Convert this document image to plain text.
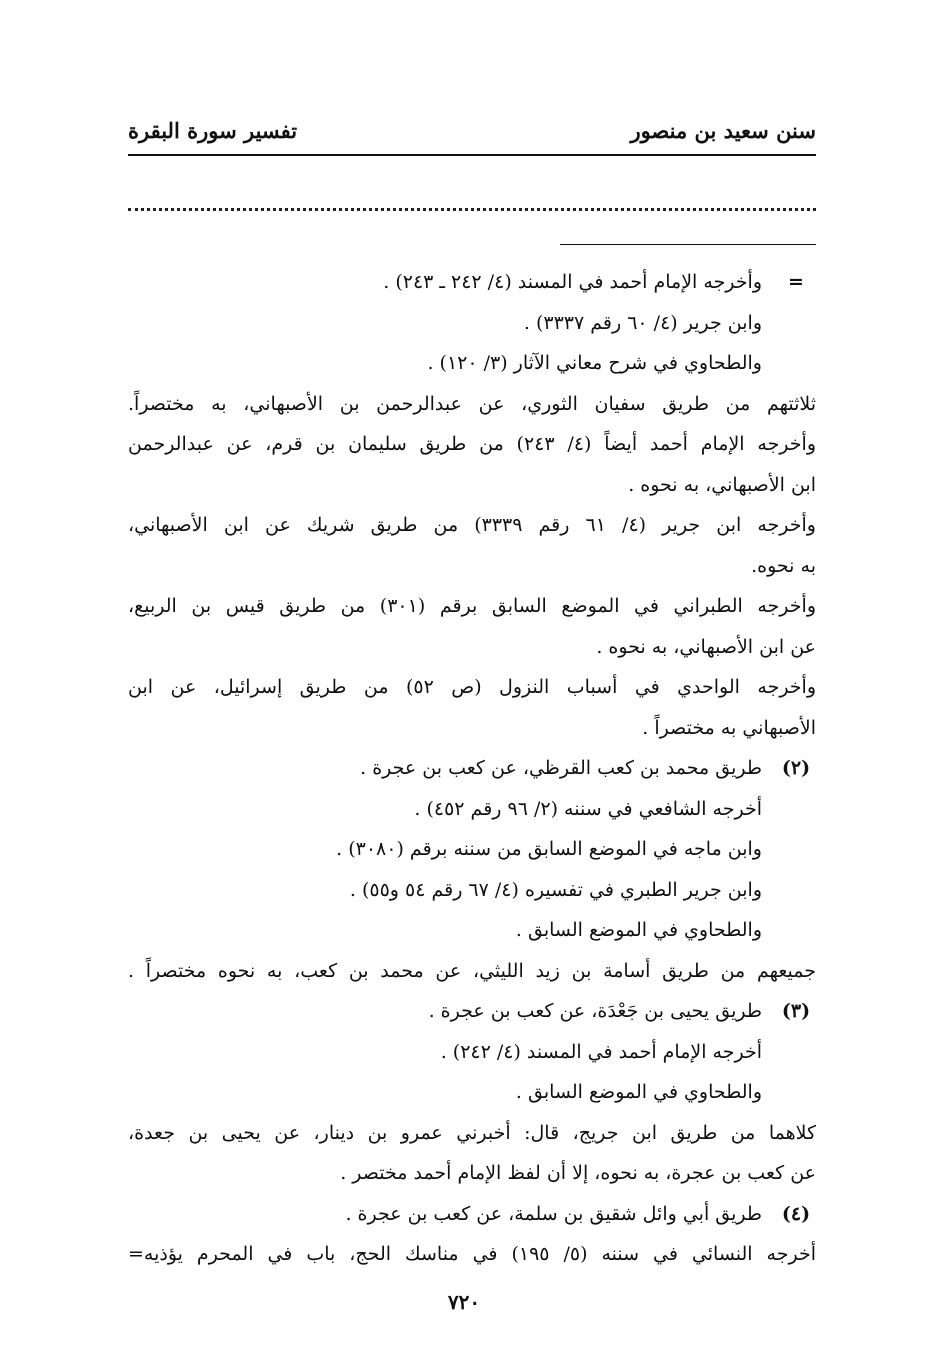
سنن سعيد بن منصور
تفسير سورة البقرة
=
وأخرجه الإمام أحمد في المسند (٤/ ٢٤٢ ـ ٢٤٣) .
وابن جرير (٤/ ٦٠ رقم ٣٣٣٧) .
والطحاوي في شرح معاني الآثار (٣/ ١٢٠) .
ثلاثتهم من طريق سفيان الثوري، عن عبدالرحمن بن الأصبهاني، به مختصراً.
وأخرجه الإمام أحمد أيضاً (٤/ ٢٤٣) من طريق سليمان بن قرم، عن عبدالرحمن
ابن الأصبهاني، به نحوه .
وأخرجه ابن جرير (٤/ ٦١ رقم ٣٣٣٩) من طريق شريك عن ابن الأصبهاني،
به نحوه.
وأخرجه الطبراني في الموضع السابق برقم (٣٠١) من طريق قيس بن الربيع،
عن ابن الأصبهاني، به نحوه .
وأخرجه الواحدي في أسباب النزول (ص ٥٢) من طريق إسرائيل، عن ابن
الأصبهاني به مختصراً .
(٢)
طريق محمد بن كعب القرظي، عن كعب بن عجرة .
أخرجه الشافعي في سننه (٢/ ٩٦ رقم ٤٥٢) .
وابن ماجه في الموضع السابق من سننه برقم (٣٠٨٠) .
وابن جرير الطبري في تفسيره (٤/ ٦٧ رقم ٥٤ و٥٥) .
والطحاوي في الموضع السابق .
جميعهم من طريق أسامة بن زيد الليثي، عن محمد بن كعب، به نحوه مختصراً .
(٣)
طريق يحيى بن جَعْدَة، عن كعب بن عجرة .
أخرجه الإمام أحمد في المسند (٤/ ٢٤٢) .
والطحاوي في الموضع السابق .
كلاهما من طريق ابن جريج، قال: أخبرني عمرو بن دينار، عن يحيى بن جعدة،
عن كعب بن عجرة، به نحوه، إلا أن لفظ الإمام أحمد مختصر .
(٤)
طريق أبي وائل شقيق بن سلمة، عن كعب بن عجرة .
أخرجه النسائي في سننه (٥/ ١٩٥) في مناسك الحج، باب في المحرم يؤذيه=
٧٢٠
